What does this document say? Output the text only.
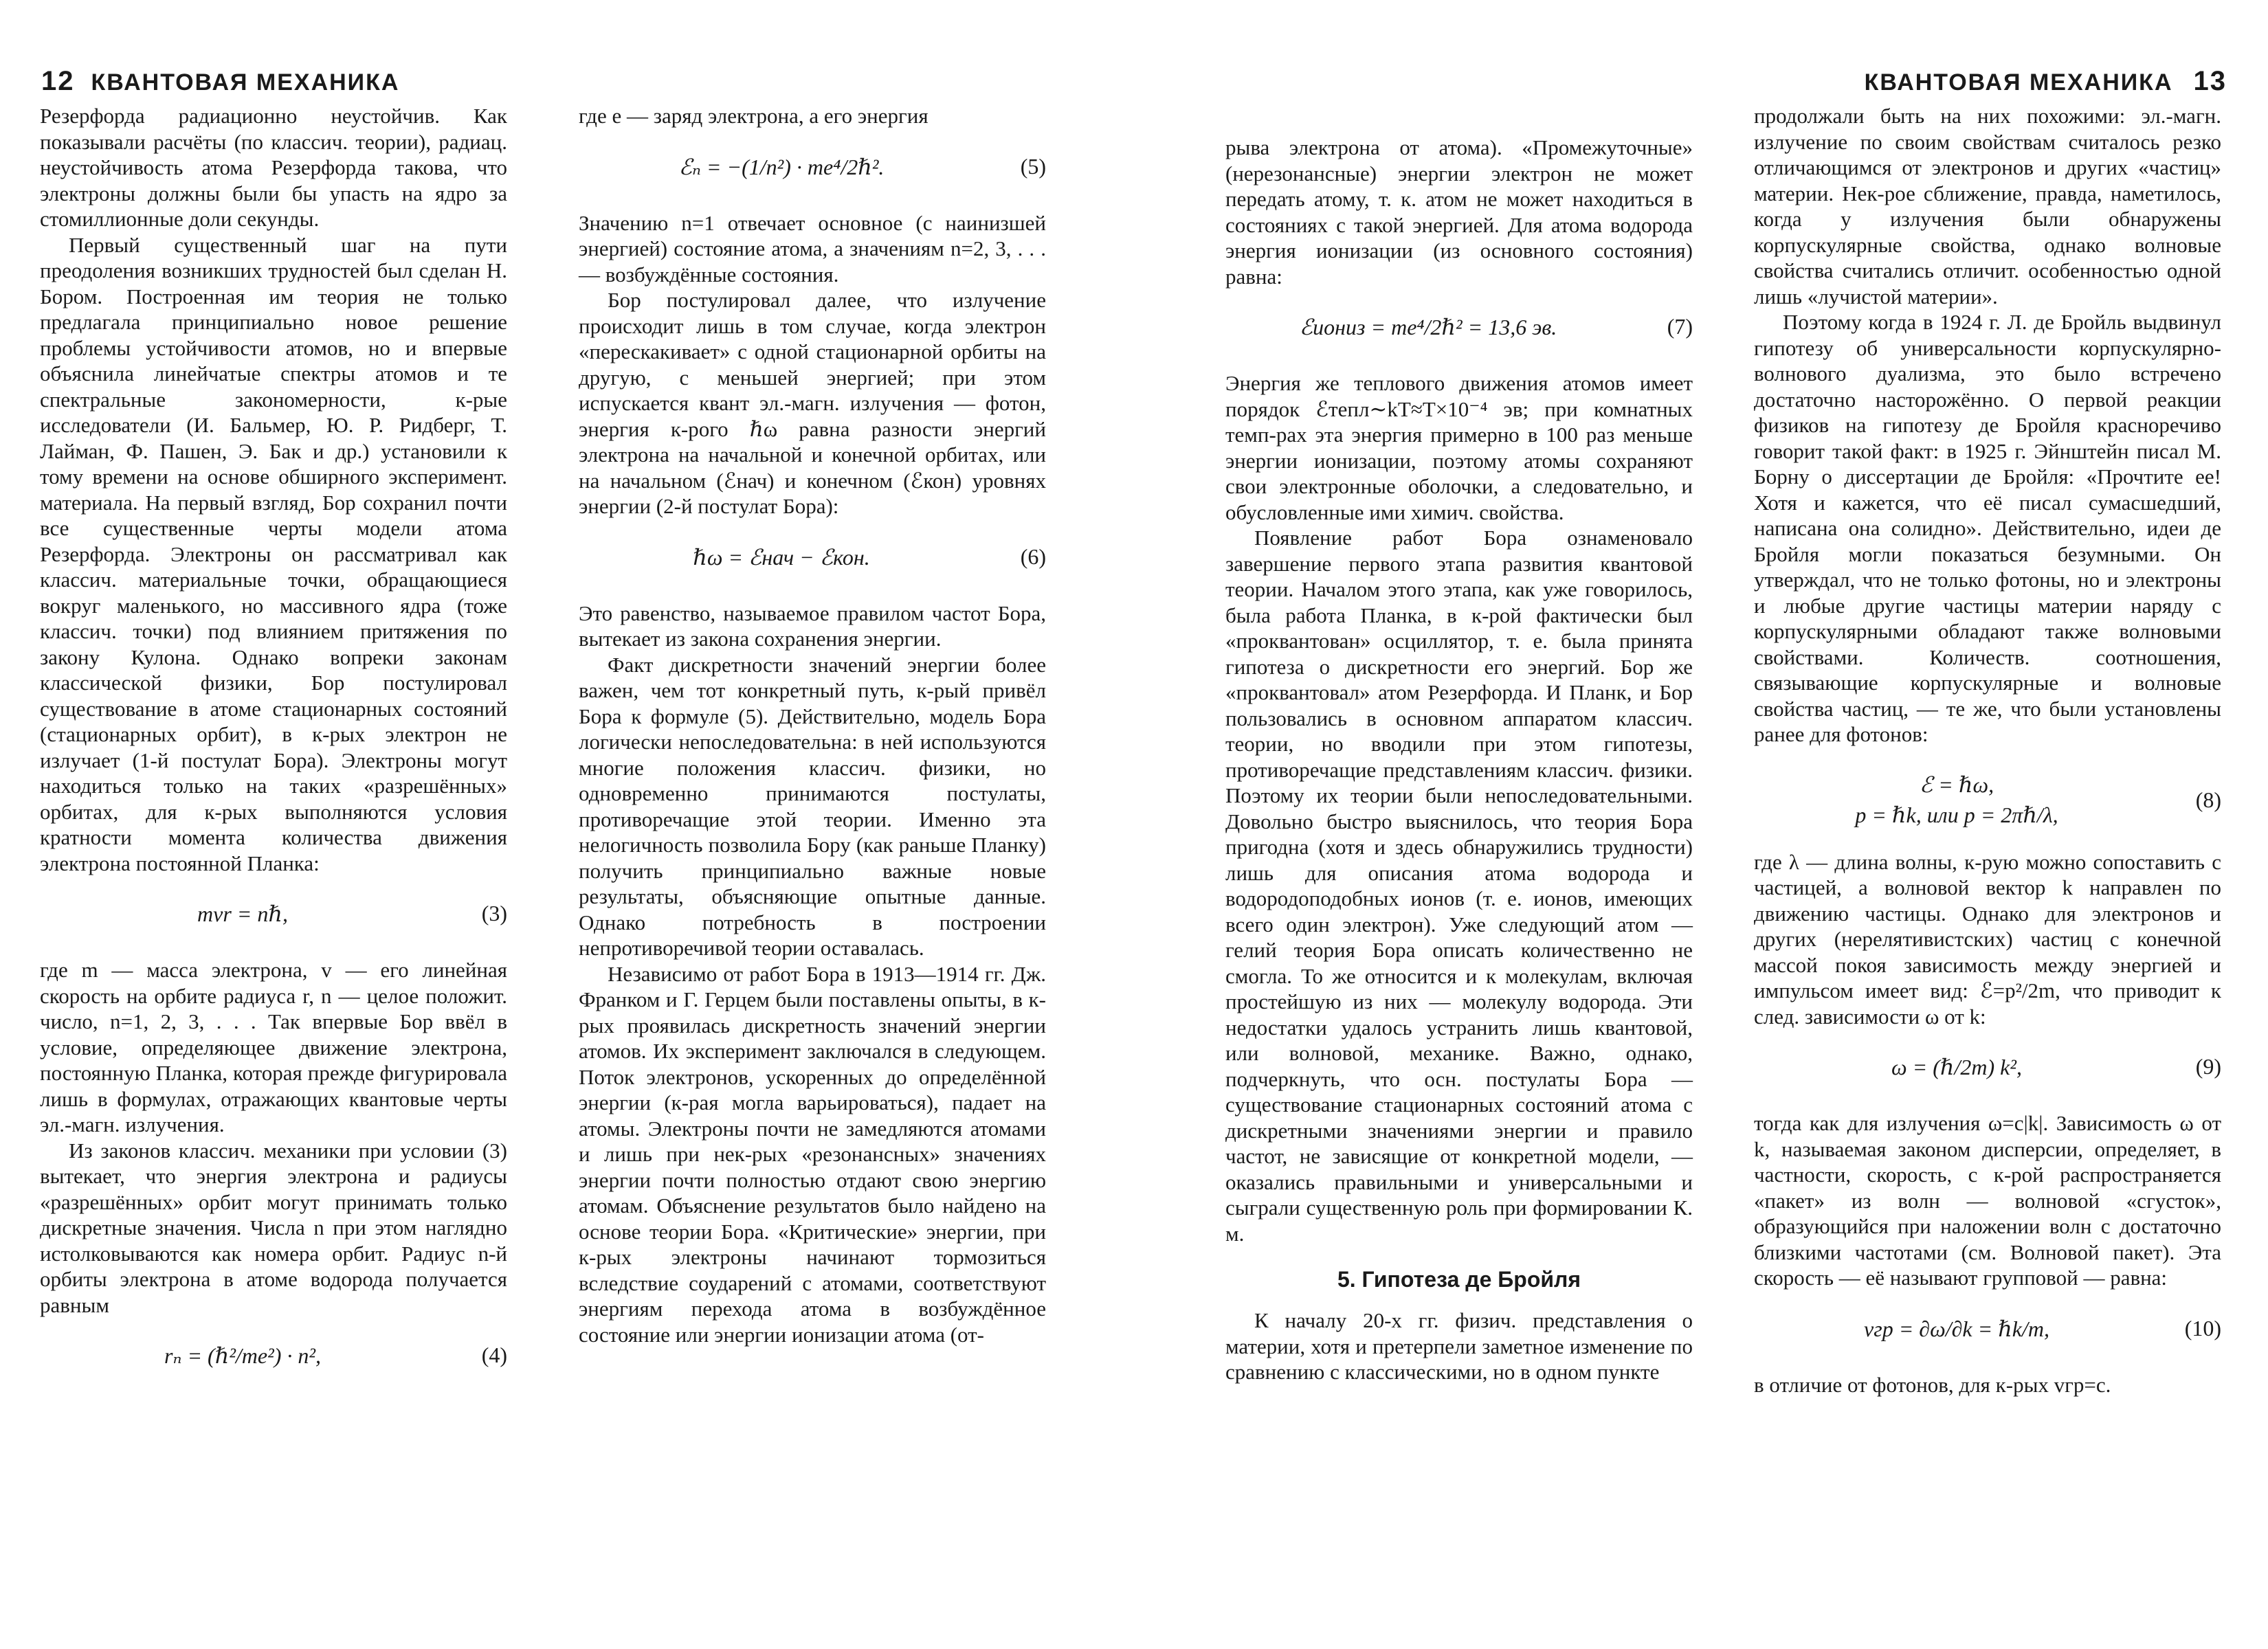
12 КВАНТОВАЯ МЕХАНИКА

Резерфорда радиационно неустойчив. Как показывали расчёты (по классич. теории), радиац. неустойчивость атома Резерфорда такова, что электроны должны были бы упасть на ядро за стомиллионные доли секунды.

Первый существенный шаг на пути преодоления возникших трудностей был сделан Н. Бором. Построенная им теория не только предлагала принципиально новое решение проблемы устойчивости атомов, но и впервые объяснила линейчатые спектры атомов и те спектральные закономерности, к-рые исследователи (И. Бальмер, Ю. Р. Ридберг, Т. Лайман, Ф. Пашен, Э. Бак и др.) установили к тому времени на основе обширного эксперимент. материала. На первый взгляд, Бор сохранил почти все существенные черты модели атома Резерфорда. Электроны он рассматривал как классич. материальные точки, обращающиеся вокруг маленького, но массивного ядра (тоже классич. точки) под влиянием притяжения по закону Кулона. Однако вопреки законам классической физики, Бор постулировал существование в атоме стационарных состояний (стационарных орбит), в к-рых электрон не излучает (1-й постулат Бора). Электроны могут находиться только на таких «разрешённых» орбитах, для к-рых выполняются условия кратности момента количества движения электрона постоянной Планка:

mvr = nℏ,	(3)

где m — масса электрона, v — его линейная скорость на орбите радиуса r, n — целое положит. число, n=1, 2, 3, . . . Так впервые Бор ввёл в условие, определяющее движение электрона, постоянную Планка, которая прежде фигурировала лишь в формулах, отражающих квантовые черты эл.-магн. излучения.

Из законов классич. механики при условии (3) вытекает, что энергия электрона и радиусы «разрешённых» орбит могут принимать только дискретные значения. Числа n при этом наглядно истолковываются как номера орбит. Радиус n-й орбиты электрона в атоме водорода получается равным

rₙ = (ℏ²/me²) · n²,	(4)

где e — заряд электрона, а его энергия

ℰₙ = −(1/n²) · me⁴/2ℏ².	(5)

Значению n=1 отвечает основное (с наинизшей энергией) состояние атома, а значениям n=2, 3, . . . — возбуждённые состояния.

Бор постулировал далее, что излучение происходит лишь в том случае, когда электрон «перескакивает» с одной стационарной орбиты на другую, с меньшей энергией; при этом испускается квант эл.-магн. излучения — фотон, энергия к-рого ℏω равна разности энергий электрона на начальной и конечной орбитах, или на начальном (ℰнач) и конечном (ℰкон) уровнях энергии (2-й постулат Бора):

ℏω = ℰнач − ℰкон.	(6)

Это равенство, называемое правилом частот Бора, вытекает из закона сохранения энергии.

Факт дискретности значений энергии более важен, чем тот конкретный путь, к-рый привёл Бора к формуле (5). Действительно, модель Бора логически непоследовательна: в ней используются многие положения классич. физики, но одновременно принимаются постулаты, противоречащие этой теории. Именно эта нелогичность позволила Бору (как раньше Планку) получить принципиально важные новые результаты, объясняющие опытные данные. Однако потребность в построении непротиворечивой теории оставалась.

Независимо от работ Бора в 1913—1914 гг. Дж. Франком и Г. Герцем были поставлены опыты, в к-рых проявилась дискретность значений энергии атомов. Их эксперимент заключался в следующем. Поток электронов, ускоренных до определённой энергии (к-рая могла варьироваться), падает на атомы. Электроны почти не замедляются атомами и лишь при нек-рых «резонансных» значениях энергии почти полностью отдают свою энергию атомам. Объяснение результатов было найдено на основе теории Бора. «Критические» энергии, при к-рых электроны начинают тормозиться вследствие соударений с атомами, соответствуют энергиям перехода атома в возбуждённое состояние или энергии ионизации атома (от-

КВАНТОВАЯ МЕХАНИКА 13

рыва электрона от атома). «Промежуточные» (нерезонансные) энергии электрон не может передать атому, т. к. атом не может находиться в состояниях с такой энергией. Для атома водорода энергия ионизации (из основного состояния) равна:

ℰиониз = me⁴/2ℏ² = 13,6 эв.	(7)

Энергия же теплового движения атомов имеет порядок ℰтепл∼kT≈T×10⁻⁴ эв; при комнатных темп-рах эта энергия примерно в 100 раз меньше энергии ионизации, поэтому атомы сохраняют свои электронные оболочки, а следовательно, и обусловленные ими химич. свойства.

Появление работ Бора ознаменовало завершение первого этапа развития квантовой теории. Началом этого этапа, как уже говорилось, была работа Планка, в к-рой фактически был «проквантован» осциллятор, т. е. была принята гипотеза о дискретности его энергий. Бор же «проквантовал» атом Резерфорда. И Планк, и Бор пользовались в основном аппаратом классич. теории, но вводили при этом гипотезы, противоречащие представлениям классич. физики. Поэтому их теории были непоследовательными. Довольно быстро выяснилось, что теория Бора пригодна (хотя и здесь обнаружились трудности) лишь для описания атома водорода и водородоподобных ионов (т. е. ионов, имеющих всего один электрон). Уже следующий атом — гелий теория Бора описать количественно не смогла. То же относится и к молекулам, включая простейшую из них — молекулу водорода. Эти недостатки удалось устранить лишь квантовой, или волновой, механике. Важно, однако, подчеркнуть, что осн. постулаты Бора — существование стационарных состояний атома с дискретными значениями энергии и правило частот, не зависящие от конкретной модели, — оказались правильными и универсальными и сыграли существенную роль при формировании К. м.

5. Гипотеза де Бройля

К началу 20-х гг. физич. представления о материи, хотя и претерпели заметное изменение по сравнению с классическими, но в одном пункте

продолжали быть на них похожими: эл.-магн. излучение по своим свойствам считалось резко отличающимся от электронов и других «частиц» материи. Нек-рое сближение, правда, наметилось, когда у излучения были обнаружены корпускулярные свойства, однако волновые свойства считались отличит. особенностью одной лишь «лучистой материи».

Поэтому когда в 1924 г. Л. де Бройль выдвинул гипотезу об универсальности корпускулярно-волнового дуализма, это было встречено достаточно насторожённо. О первой реакции физиков на гипотезу де Бройля красноречиво говорит такой факт: в 1925 г. Эйнштейн писал М. Борну о диссертации де Бройля: «Прочтите ее! Хотя и кажется, что её писал сумасшедший, написана она солидно». Действительно, идеи де Бройля могли показаться безумными. Он утверждал, что не только фотоны, но и электроны и любые другие частицы материи наряду с корпускулярными обладают также волновыми свойствами. Количеств. соотношения, связывающие корпускулярные и волновые свойства частиц, — те же, что были установлены ранее для фотонов:

ℰ = ℏω,
p = ℏk, или p = 2πℏ/λ,
(8)

где λ — длина волны, к-рую можно сопоставить с частицей, а волновой вектор k направлен по движению частицы. Однако для электронов и других (нерелятивистских) частиц с конечной массой покоя зависимость между энергией и импульсом имеет вид: ℰ=p²/2m, что приводит к след. зависимости ω от k:

ω = (ℏ/2m) k²,	(9)

тогда как для излучения ω=c|k|. Зависимость ω от k, называемая законом дисперсии, определяет, в частности, скорость, с к-рой распространяется «пакет» из волн — волновой «сгусток», образующийся при наложении волн с достаточно близкими частотами (см. Волновой пакет). Эта скорость — её называют групповой — равна:

vгр = ∂ω/∂k = ℏk/m,	(10)

в отличие от фотонов, для к-рых vгр=c.
